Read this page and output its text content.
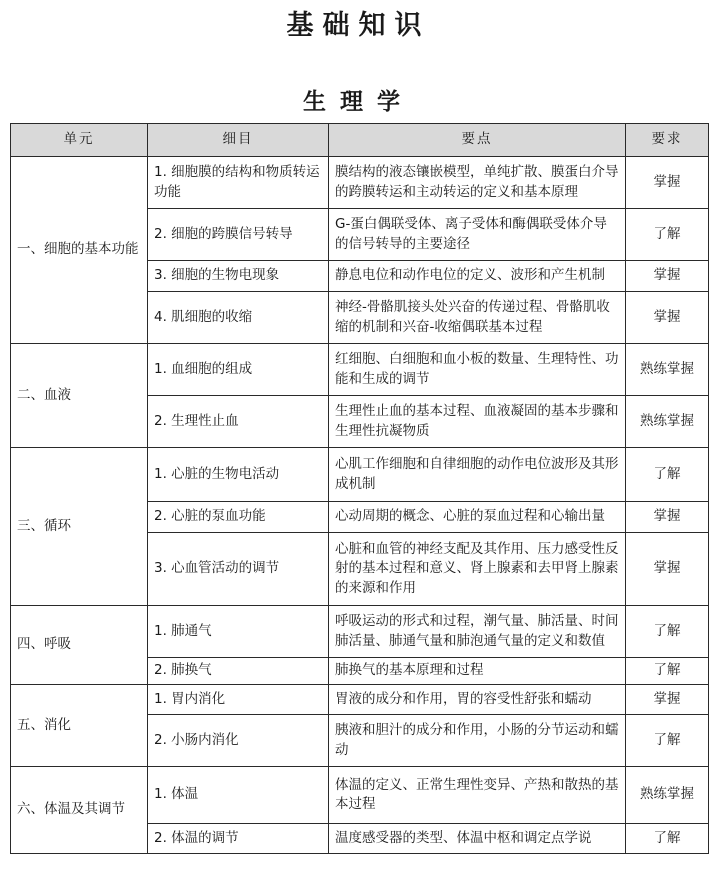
基础知识
生理学
单元	细目	要点	要求
一、细胞的基本功能	1. 细胞膜的结构和物质转运功能	膜结构的液态镶嵌模型，单纯扩散、膜蛋白介导的跨膜转运和主动转运的定义和基本原理	掌握
	2. 细胞的跨膜信号转导	G-蛋白偶联受体、离子受体和酶偶联受体介导的信号转导的主要途径	了解
	3. 细胞的生物电现象	静息电位和动作电位的定义、波形和产生机制	掌握
	4. 肌细胞的收缩	神经-骨骼肌接头处兴奋的传递过程、骨骼肌收缩的机制和兴奋-收缩偶联基本过程	掌握
二、血液	1. 血细胞的组成	红细胞、白细胞和血小板的数量、生理特性、功能和生成的调节	熟练掌握
	2. 生理性止血	生理性止血的基本过程、血液凝固的基本步骤和生理性抗凝物质	熟练掌握
三、循环	1. 心脏的生物电活动	心肌工作细胞和自律细胞的动作电位波形及其形成机制	了解
	2. 心脏的泵血功能	心动周期的概念、心脏的泵血过程和心输出量	掌握
	3. 心血管活动的调节	心脏和血管的神经支配及其作用、压力感受性反射的基本过程和意义、肾上腺素和去甲肾上腺素的来源和作用	掌握
四、呼吸	1. 肺通气	呼吸运动的形式和过程，潮气量、肺活量、时间肺活量、肺通气量和肺泡通气量的定义和数值	了解
	2. 肺换气	肺换气的基本原理和过程	了解
五、消化	1. 胃内消化	胃液的成分和作用，胃的容受性舒张和蠕动	掌握
	2. 小肠内消化	胰液和胆汁的成分和作用，小肠的分节运动和蠕动	了解
六、体温及其调节	1. 体温	体温的定义、正常生理性变异、产热和散热的基本过程	熟练掌握
	2. 体温的调节	温度感受器的类型、体温中枢和调定点学说	了解
